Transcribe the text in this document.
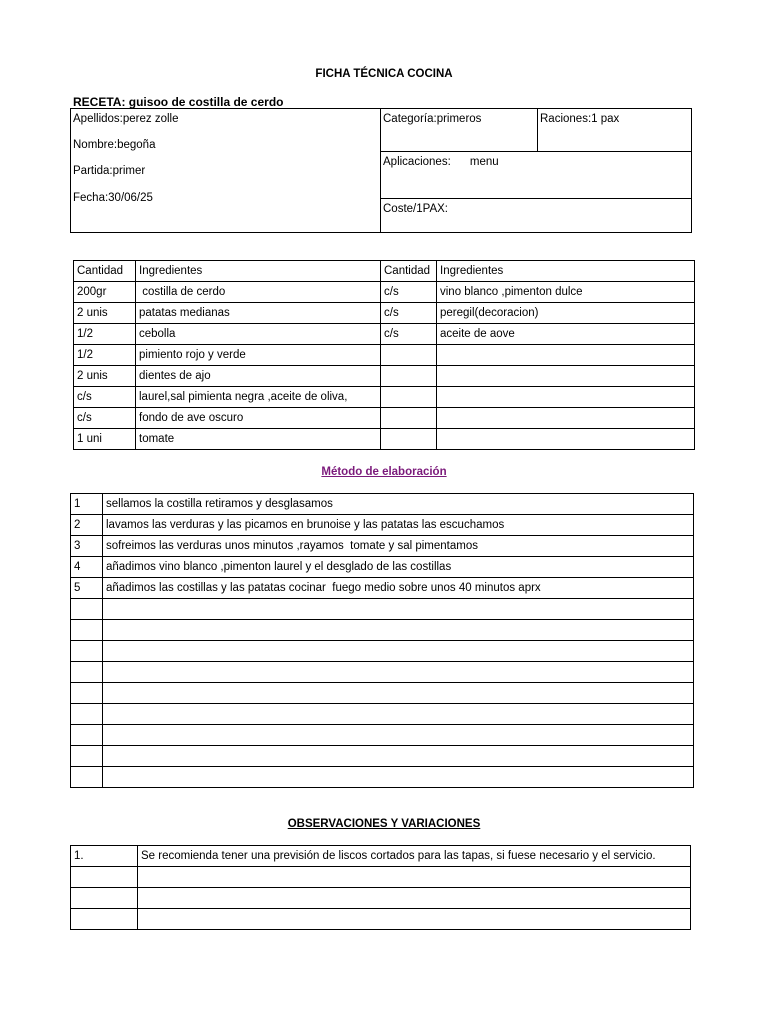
FICHA TÉCNICA COCINA
RECETA: guisoo de costilla de cerdo
Apellidos:perez zolle
Nombre:begoña
Partida:primer
Fecha:30/06/25
Categoría:primeros	Raciones:1 pax
Aplicaciones:      menu
Coste/1PAX:
Cantidad	Ingredientes	Cantidad	Ingredientes
200gr	costilla de cerdo	c/s	vino blanco ,pimenton dulce
2 unis	patatas medianas	c/s	peregil(decoracion)
1/2	cebolla	c/s	aceite de aove
1/2	pimiento rojo y verde		
2 unis	dientes de ajo		
c/s	laurel,sal pimienta negra ,aceite de oliva,		
c/s	fondo de ave oscuro		
1 uni	tomate		
Método de elaboración
1	sellamos la costilla retiramos y desglasamos
2	lavamos las verduras y las picamos en brunoise y las patatas las escuchamos
3	sofreimos las verduras unos minutos ,rayamos  tomate y sal pimentamos
4	añadimos vino blanco ,pimenton laurel y el desglado de las costillas
5	añadimos las costillas y las patatas cocinar  fuego medio sobre unos 40 minutos aprx

OBSERVACIONES Y VARIACIONES
1.	Se recomienda tener una previsión de liscos cortados para las tapas, si fuese necesario y el servicio.
